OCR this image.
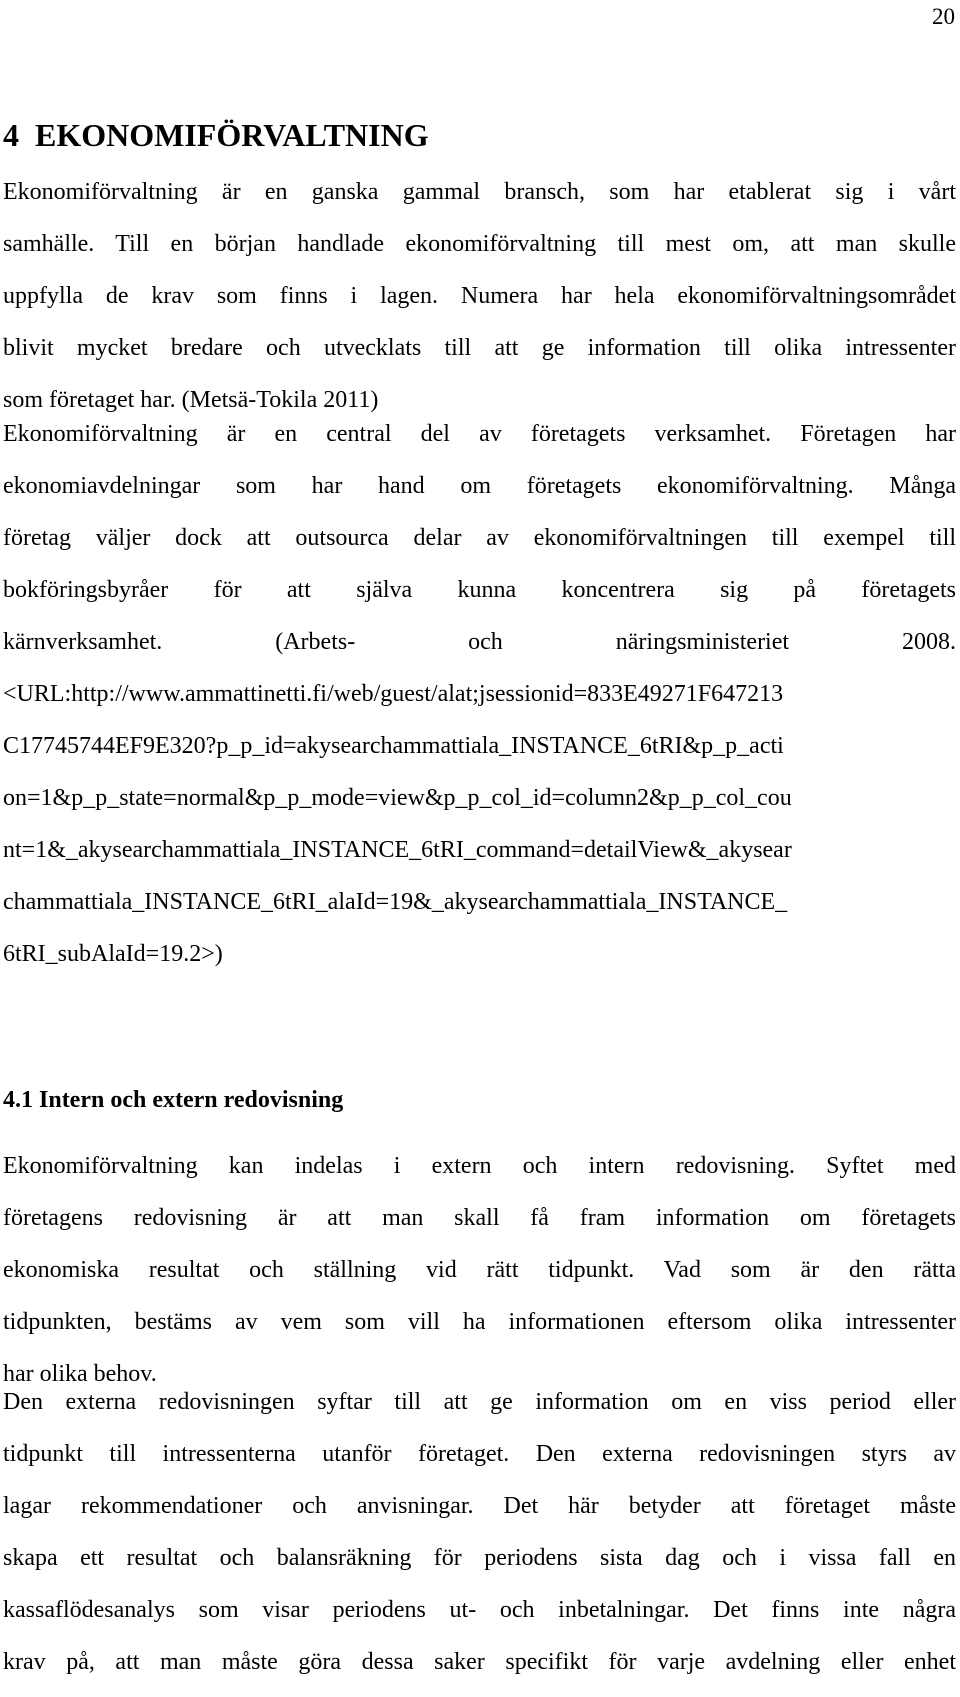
20
4  EKONOMIFÖRVALTNING
Ekonomiförvaltning är en ganska gammal bransch, som har etablerat sig i vårt
samhälle. Till en början handlade ekonomiförvaltning till mest om, att man skulle
uppfylla de krav som finns i lagen. Numera har hela ekonomiförvaltningsområdet
blivit mycket bredare och utvecklats till att ge information till olika intressenter
som företaget har. (Metsä-Tokila 2011)
Ekonomiförvaltning är en central del av företagets verksamhet. Företagen har
ekonomiavdelningar som har hand om företagets ekonomiförvaltning. Många
företag väljer dock att outsourca delar av ekonomiförvaltningen till exempel till
bokföringsbyråer för att själva kunna koncentrera sig på företagets
kärnverksamhet. (Arbets- och näringsministeriet 2008.
<URL:http://www.ammattinetti.fi/web/guest/alat;jsessionid=833E49271F647213
C17745744EF9E320?p_p_id=akysearchammattiala_INSTANCE_6tRI&p_p_acti
on=1&p_p_state=normal&p_p_mode=view&p_p_col_id=column2&p_p_col_cou
nt=1&_akysearchammattiala_INSTANCE_6tRI_command=detailView&_akysear
chammattiala_INSTANCE_6tRI_alaId=19&_akysearchammattiala_INSTANCE_
6tRI_subAlaId=19.2>)
4.1 Intern och extern redovisning
Ekonomiförvaltning kan indelas i extern och intern redovisning. Syftet med
företagens redovisning är att man skall få fram information om företagets
ekonomiska resultat och ställning vid rätt tidpunkt. Vad som är den rätta
tidpunkten, bestäms av vem som vill ha informationen eftersom olika intressenter
har olika behov.
Den externa redovisningen syftar till att ge information om en viss period eller
tidpunkt till intressenterna utanför företaget. Den externa redovisningen styrs av
lagar rekommendationer och anvisningar. Det här betyder att företaget måste
skapa ett resultat och balansräkning för periodens sista dag och i vissa fall en
kassaflödesanalys som visar periodens ut- och inbetalningar. Det finns inte några
krav på, att man måste göra dessa saker specifikt för varje avdelning eller enhet
